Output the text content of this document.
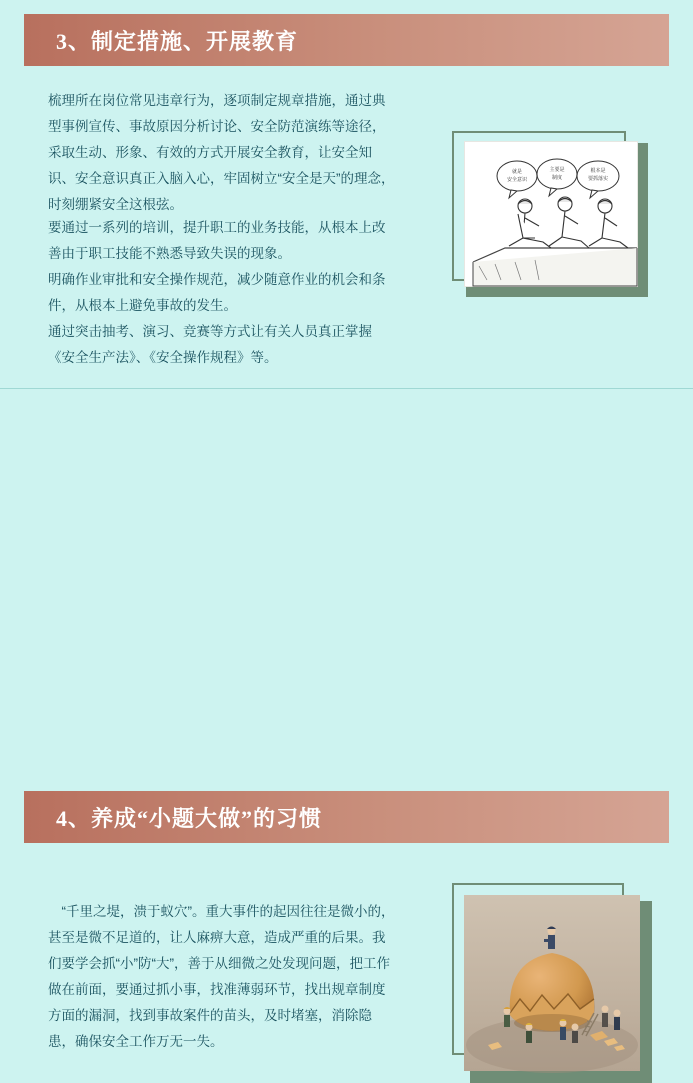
3、制定措施、开展教育
梳理所在岗位常见违章行为，逐项制定规章措施，通过典型事例宣传、事故原因分析讨论、安全防范演练等途径，采取生动、形象、有效的方式开展安全教育，让安全知识、安全意识真正入脑入心，牢固树立“安全是天”的理念，时刻绷紧安全这根弦。
要通过一系列的培训，提升职工的业务技能，从根本上改善由于职工技能不熟悉导致失误的现象。
明确作业审批和安全操作规范，减少随意作业的机会和条件，从根本上避免事故的发生。
通过突击抽考、演习、竞赛等方式让有关人员真正掌握《安全生产法》、《安全操作规程》等。
就是
安全意识
主要是
制度
根本是
要抓落实
4、养成“小题大做”的习惯
　“千里之堤，溃于蚁穴”。重大事件的起因往往是微小的，甚至是微不足道的，让人麻痹大意，造成严重的后果。我们要学会抓“小”防“大”，善于从细微之处发现问题，把工作做在前面，要通过抓小事，找准薄弱环节，找出规章制度方面的漏洞，找到事故案件的苗头，及时堵塞，消除隐患，确保安全工作万无一失。
